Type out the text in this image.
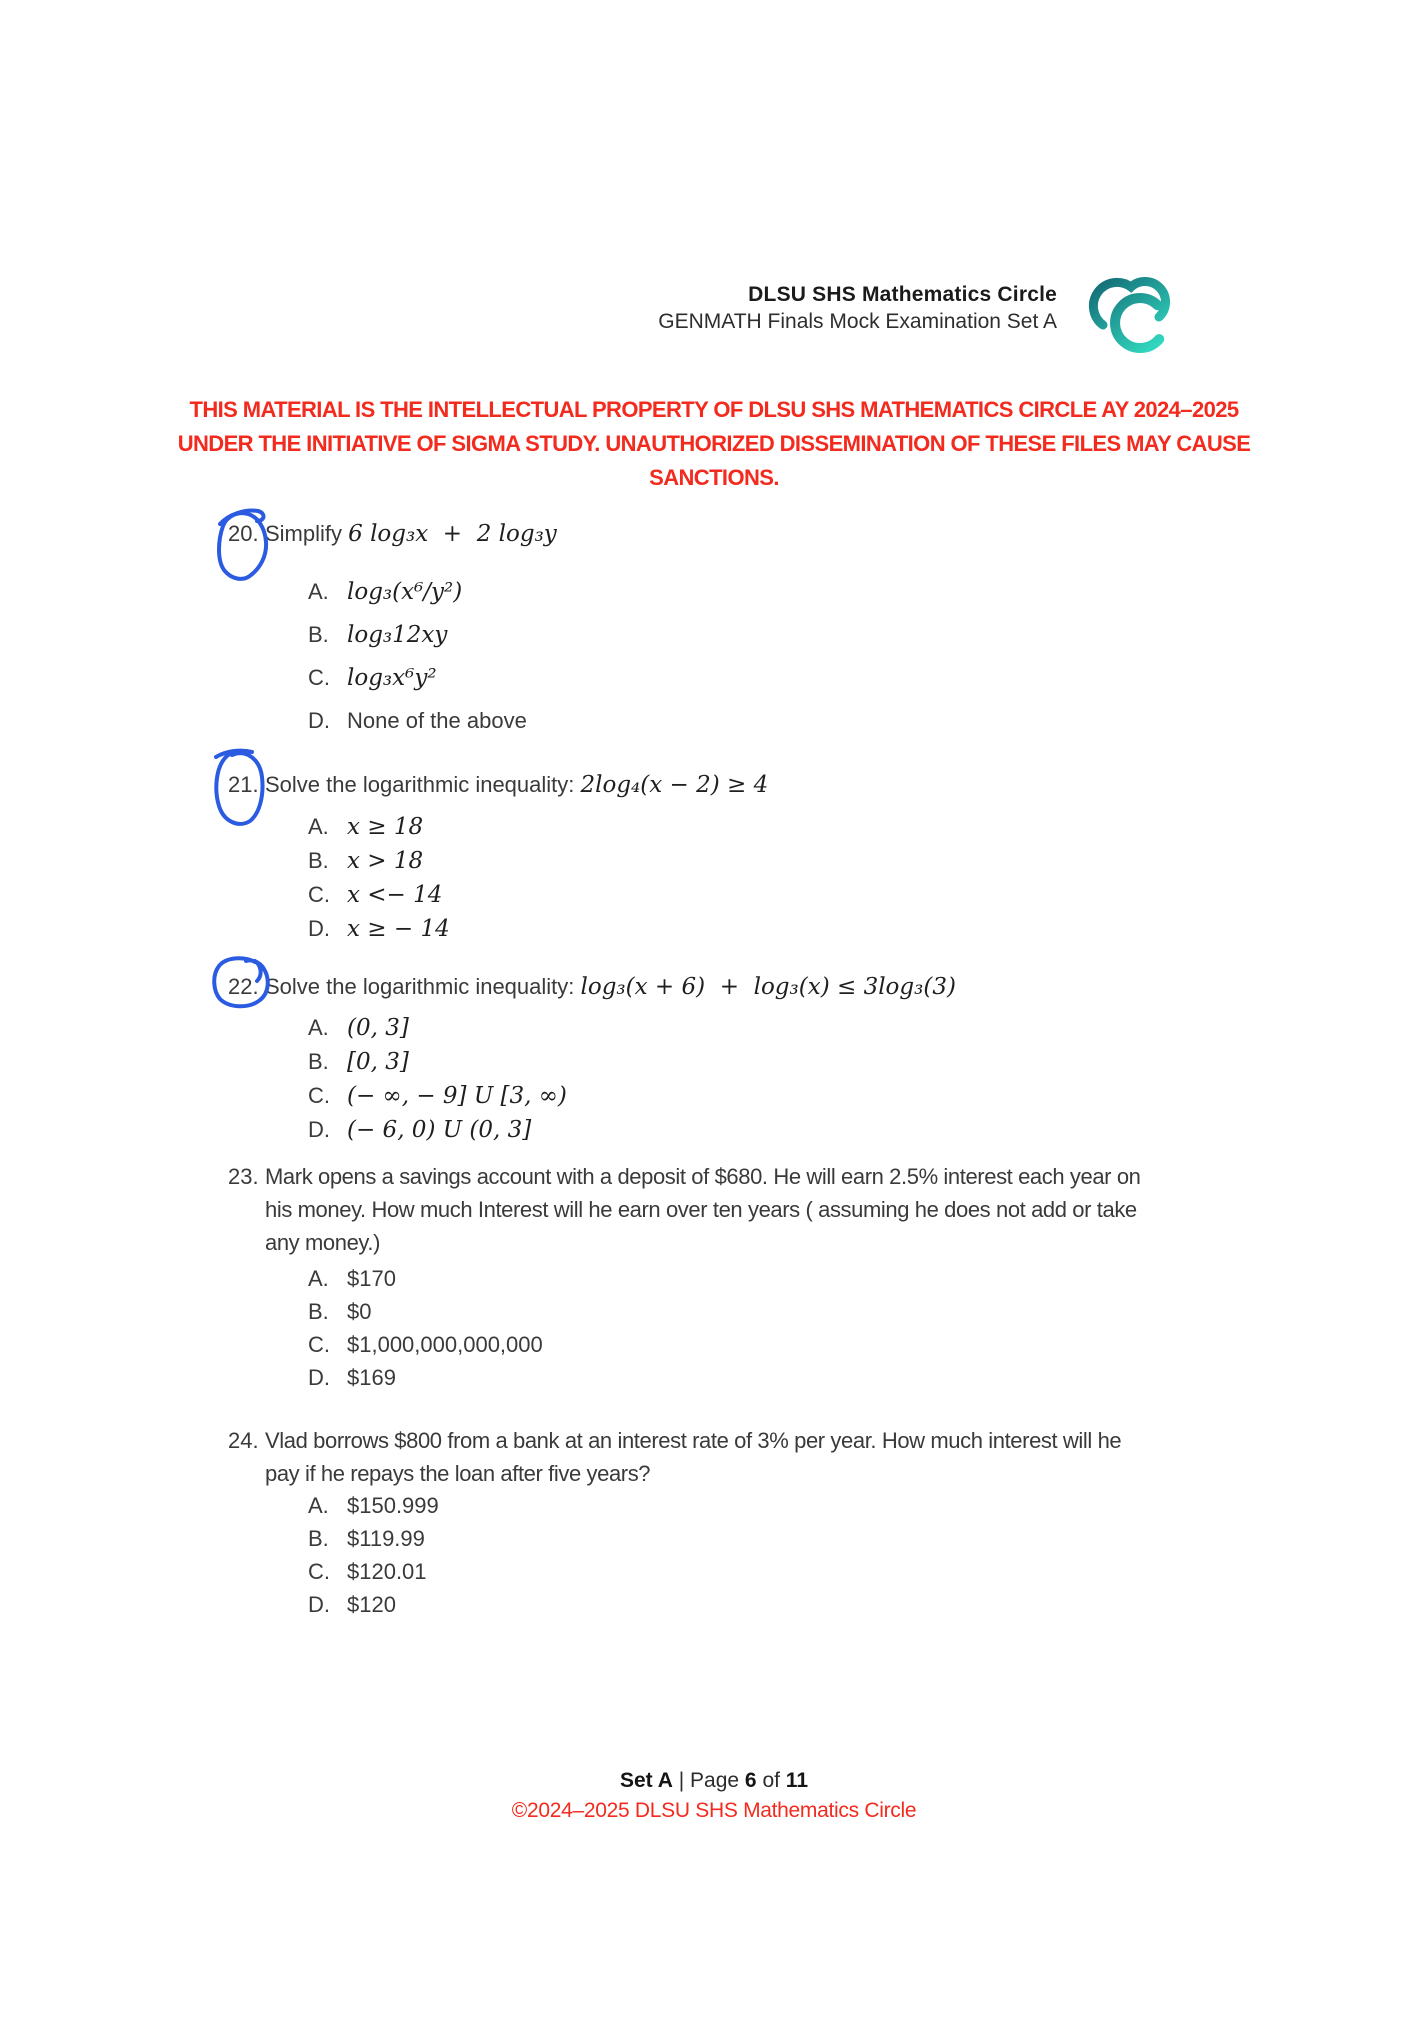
DLSU SHS Mathematics Circle
GENMATH Finals Mock Examination Set A
THIS MATERIAL IS THE INTELLECTUAL PROPERTY OF DLSU SHS MATHEMATICS CIRCLE AY 2024–2025
UNDER THE INITIATIVE OF SIGMA STUDY. UNAUTHORIZED DISSEMINATION OF THESE FILES MAY CAUSE
SANCTIONS.
20. Simplify 6 log₃x  +  2 log₃y
A. log₃(x⁶/y²)
B. log₃12xy
C. log₃x⁶y²
D. None of the above
21. Solve the logarithmic inequality: 2log₄(x − 2) ≥ 4
A. x ≥ 18
B. x > 18
C. x <− 14
D. x ≥ − 14
22. Solve the logarithmic inequality: log₃(x + 6)  +  log₃(x) ≤ 3log₃(3)
A. (0, 3]
B. [0, 3]
C. (− ∞, − 9] U [3, ∞)
D. (− 6, 0) U (0, 3]
23. Mark opens a savings account with a deposit of $680. He will earn 2.5% interest each year on
his money. How much Interest will he earn over ten years ( assuming he does not add or take
any money.)
A. $170
B. $0
C. $1,000,000,000,000
D. $169
24. Vlad borrows $800 from a bank at an interest rate of 3% per year. How much interest will he
pay if he repays the loan after five years?
A. $150.999
B. $119.99
C. $120.01
D. $120
Set A | Page 6 of 11
©2024–2025 DLSU SHS Mathematics Circle
